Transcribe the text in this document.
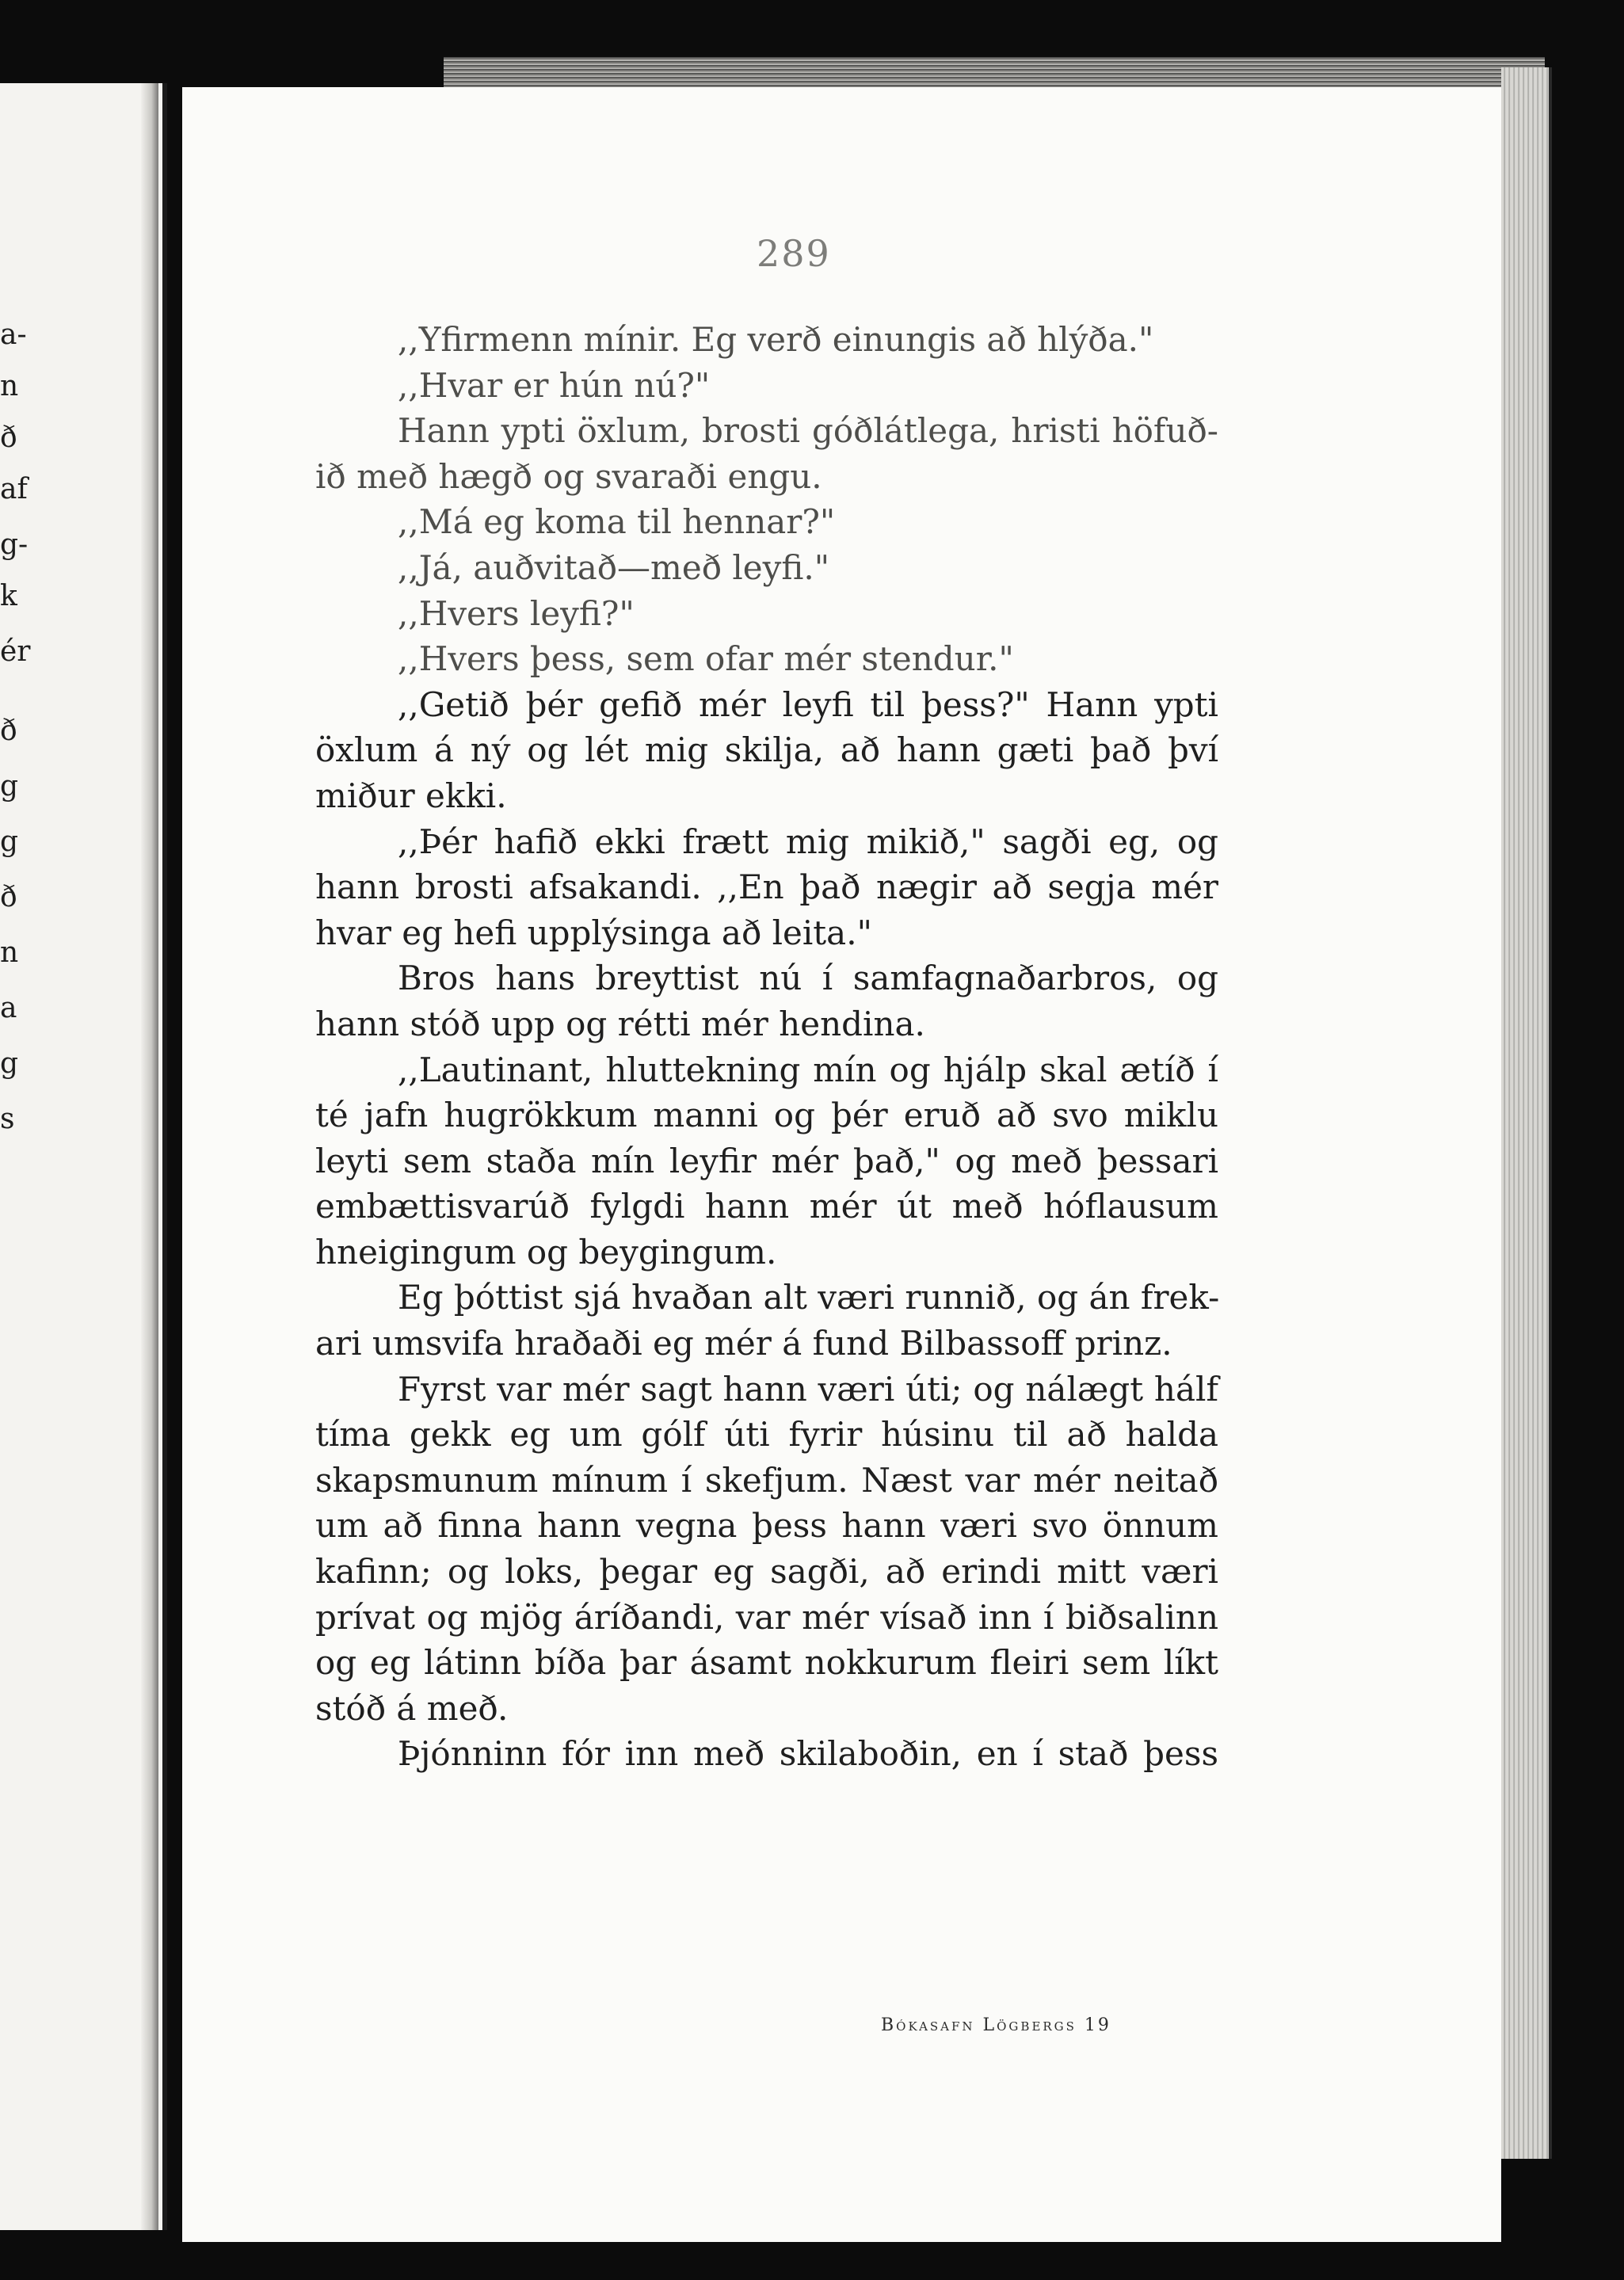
a-
n
ð
af
g-
k
ér
ð
g
g
ð
n
a
g
s
289
,,Yfirmenn mínir. Eg verð einungis að hlýða."
,,Hvar er hún nú?"
Hann ypti öxlum, brosti góðlátlega, hristi höfuð-
ið með hægð og svaraði engu.
,,Má eg koma til hennar?"
,,Já, auðvitað—með leyfi."
,,Hvers leyfi?"
,,Hvers þess, sem ofar mér stendur."
,,Getið þér gefið mér leyfi til þess?" Hann ypti
öxlum á ný og lét mig skilja, að hann gæti það því
miður ekki.
,,Þér hafið ekki frætt mig mikið," sagði eg, og
hann brosti afsakandi. ,,En það nægir að segja mér
hvar eg hefi upplýsinga að leita."
Bros hans breyttist nú í samfagnaðarbros, og
hann stóð upp og rétti mér hendina.
,,Lautinant, hluttekning mín og hjálp skal ætíð í
té jafn hugrökkum manni og þér eruð að svo miklu
leyti sem staða mín leyfir mér það," og með þessari
embættisvarúð fylgdi hann mér út með hóflausum
hneigingum og beygingum.
Eg þóttist sjá hvaðan alt væri runnið, og án frek-
ari umsvifa hraðaði eg mér á fund Bilbassoff prinz.
Fyrst var mér sagt hann væri úti; og nálægt hálf
tíma gekk eg um gólf úti fyrir húsinu til að halda
skapsmunum mínum í skefjum. Næst var mér neitað
um að finna hann vegna þess hann væri svo önnum
kafinn; og loks, þegar eg sagði, að erindi mitt væri
prívat og mjög áríðandi, var mér vísað inn í biðsalinn
og eg látinn bíða þar ásamt nokkurum fleiri sem líkt
stóð á með.
Þjónninn fór inn með skilaboðin, en í stað þess
Bókasafn Lögbergs 19
